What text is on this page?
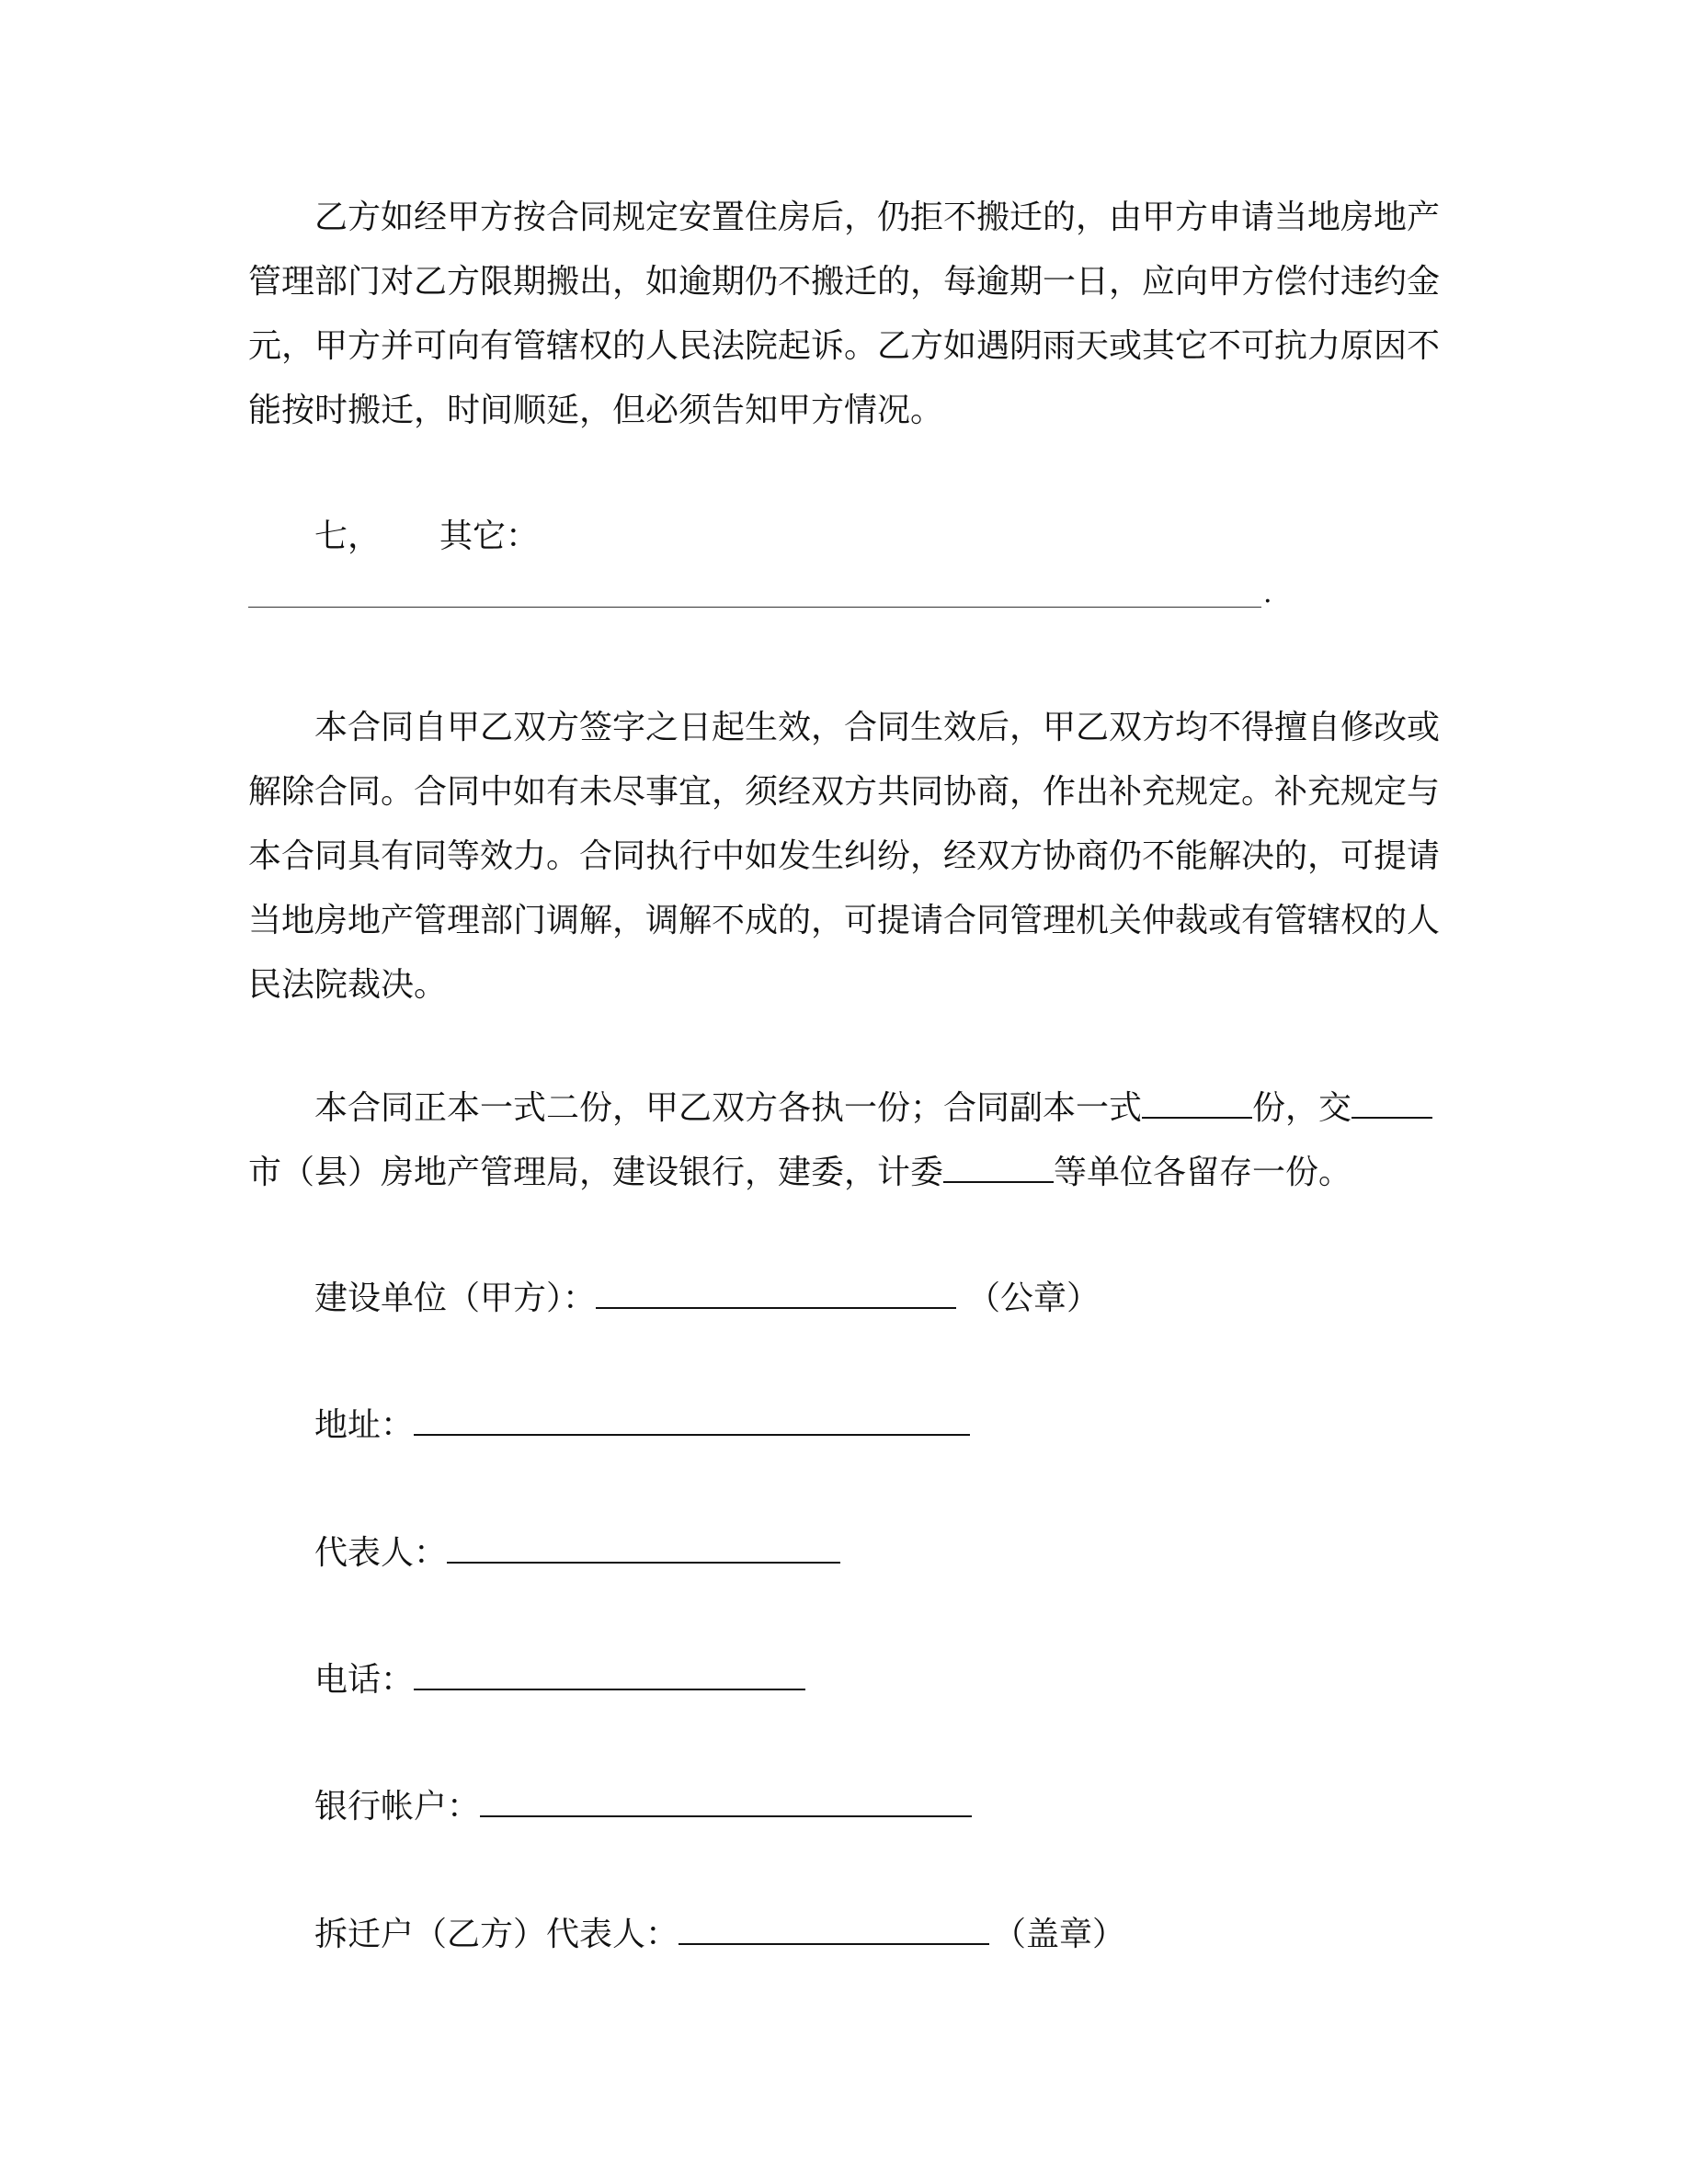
乙方如经甲方按合同规定安置住房后，仍拒不搬迁的，由甲方申请当地房地产
管理部门对乙方限期搬出，如逾期仍不搬迁的，每逾期一日，应向甲方偿付违约金
元，甲方并可向有管辖权的人民法院起诉。乙方如遇阴雨天或其它不可抗力原因不
能按时搬迁，时间顺延，但必须告知甲方情况。
七， 其它：
.
本合同自甲乙双方签字之日起生效，合同生效后，甲乙双方均不得擅自修改或
解除合同。合同中如有未尽事宜，须经双方共同协商，作出补充规定。补充规定与
本合同具有同等效力。合同执行中如发生纠纷，经双方协商仍不能解决的，可提请
当地房地产管理部门调解，调解不成的，可提请合同管理机关仲裁或有管辖权的人
民法院裁决。
本合同正本一式二份，甲乙双方各执一份；合同副本一式	份，交
市（县）房地产管理局，建设银行，建委，计委	等单位各留存一份。
建设单位（甲方）：	（公章）
地址：
代表人：
电话：
银行帐户：
拆迁户（乙方）代表人：	（盖章）
